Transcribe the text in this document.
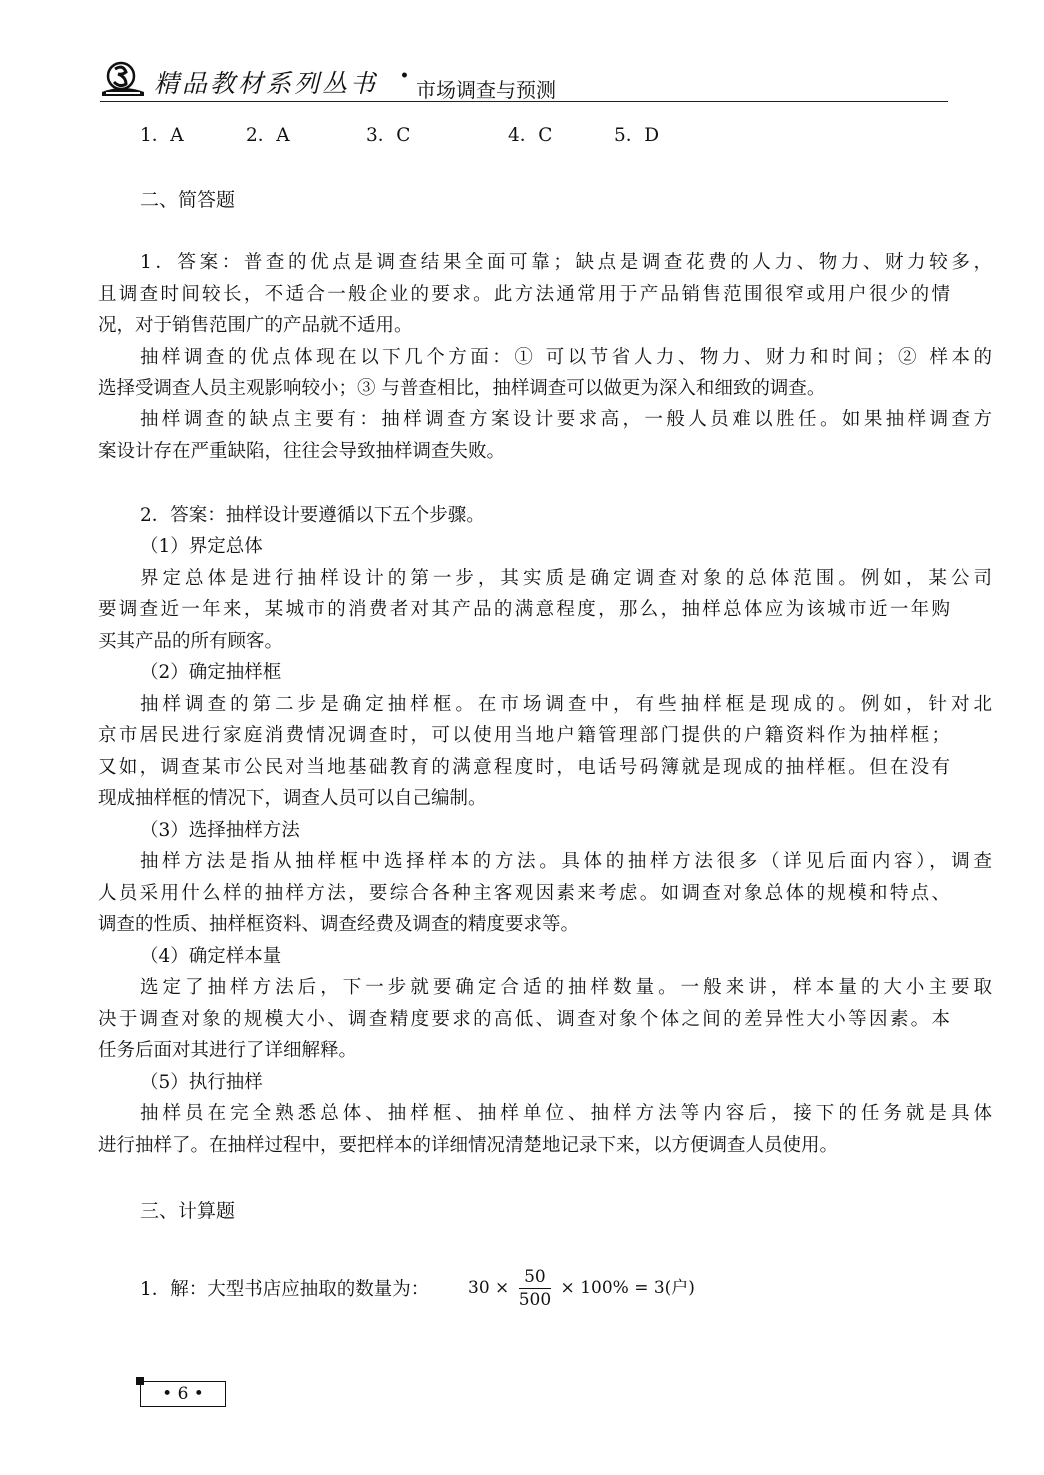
精品教材系列丛书 •
市场调查与预测
1．A	2．A	3．C	4．C	5．D
二、简答题
1．答案：普查的优点是调查结果全面可靠；缺点是调查花费的人力、物力、财力较多，
且调查时间较长，不适合一般企业的要求。此方法通常用于产品销售范围很窄或用户很少的情
况，对于销售范围广的产品就不适用。
抽样调查的优点体现在以下几个方面：① 可以节省人力、物力、财力和时间；② 样本的
选择受调查人员主观影响较小；③ 与普查相比，抽样调查可以做更为深入和细致的调查。
抽样调查的缺点主要有：抽样调查方案设计要求高，一般人员难以胜任。如果抽样调查方
案设计存在严重缺陷，往往会导致抽样调查失败。
2．答案：抽样设计要遵循以下五个步骤。
（1）界定总体
界定总体是进行抽样设计的第一步，其实质是确定调查对象的总体范围。例如，某公司
要调查近一年来，某城市的消费者对其产品的满意程度，那么，抽样总体应为该城市近一年购
买其产品的所有顾客。
（2）确定抽样框
抽样调查的第二步是确定抽样框。在市场调查中，有些抽样框是现成的。例如，针对北
京市居民进行家庭消费情况调查时，可以使用当地户籍管理部门提供的户籍资料作为抽样框；
又如，调查某市公民对当地基础教育的满意程度时，电话号码簿就是现成的抽样框。但在没有
现成抽样框的情况下，调查人员可以自己编制。
（3）选择抽样方法
抽样方法是指从抽样框中选择样本的方法。具体的抽样方法很多（详见后面内容），调查
人员采用什么样的抽样方法，要综合各种主客观因素来考虑。如调查对象总体的规模和特点、
调查的性质、抽样框资料、调查经费及调查的精度要求等。
（4）确定样本量
选定了抽样方法后，下一步就要确定合适的抽样数量。一般来讲，样本量的大小主要取
决于调查对象的规模大小、调查精度要求的高低、调查对象个体之间的差异性大小等因素。本
任务后面对其进行了详细解释。
（5）执行抽样
抽样员在完全熟悉总体、抽样框、抽样单位、抽样方法等内容后，接下的任务就是具体
进行抽样了。在抽样过程中，要把样本的详细情况清楚地记录下来，以方便调查人员使用。
三、计算题
1．解：大型书店应抽取的数量为：	$30 \times \frac{50}{500} \times 100\% = 3$(户)
• 6 •
